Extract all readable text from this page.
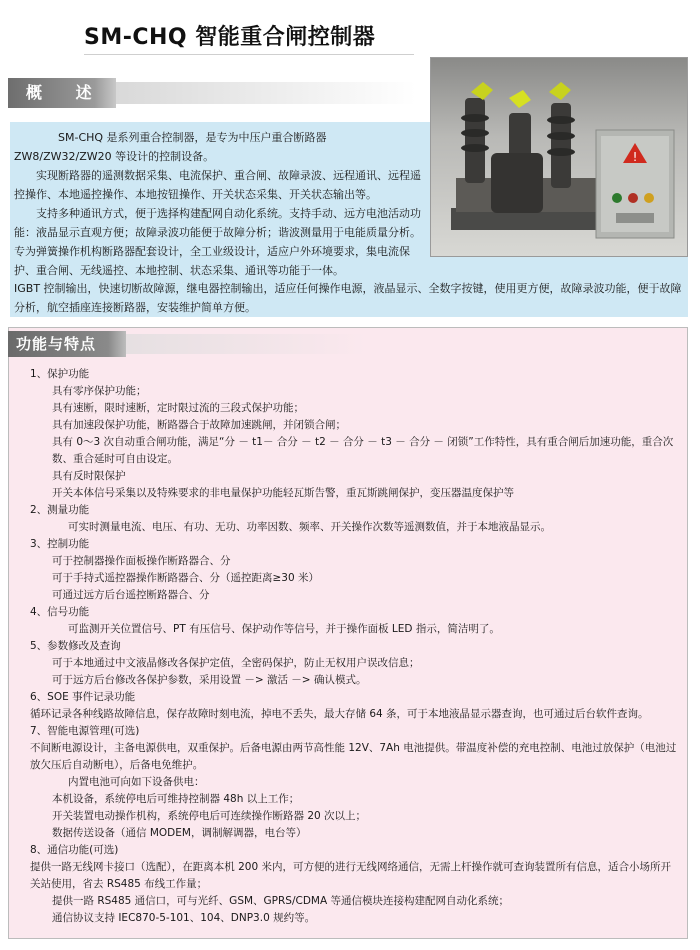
SM-CHQ 智能重合闸控制器
概 述
!

SM-CHQ 是系列重合控制器，是专为中压户重合断路器 ZW8/ZW32/ZW20 等设计的控制设备。

实现断路器的遥测数据采集、电流保护、重合闸、故障录波、远程通讯、远程遥控操作、本地遥控操作、本地按钮操作、开关状态采集、开关状态输出等。

支持多种通讯方式，便于选择构建配网自动化系统。支持手动、远方电池活动功能：液晶显示直观方便；故障录波功能便于故障分析；谐波测量用于电能质量分析。专为弹簧操作机构断路器配套设计，全工业级设计，适应户外环境要求，集电流保护、重合闸、无线遥控、本地控制、状态采集、通讯等功能于一体。

IGBT 控制输出，快速切断故障源，继电器控制输出，适应任何操作电源，液晶显示、全数字按键，使用更方便，故障录波功能，便于故障分析，航空插座连接断路器，安装维护简单方便。
功能与特点
1、保护功能
具有零序保护功能；
具有速断，限时速断，定时限过流的三段式保护功能；
具有加速段保护功能，断路器合于故障加速跳闸，并闭锁合闸；
具有 0～3 次自动重合闸功能，满足“分 － t1－ 合分 － t2 － 合分 － t3 － 合分 － 闭锁”工作特性，具有重合闸后加速功能，重合次数、重合延时可自由设定。
具有反时限保护
开关本体信号采集以及特殊要求的非电量保护功能轻瓦斯告警，重瓦斯跳闸保护，变压器温度保护等
2、测量功能
可实时测量电流、电压、有功、无功、功率因数、频率、开关操作次数等遥测数值，并于本地液晶显示。
3、控制功能
可于控制器操作面板操作断路器合、分
可于手持式遥控器操作断路器合、分（遥控距离≥30 米）
可通过远方后台遥控断路器合、分
4、信号功能
可监测开关位置信号、PT 有压信号、保护动作等信号，并于操作面板 LED 指示，简洁明了。
5、参数修改及查询
可于本地通过中文液晶修改各保护定值，全密码保护，防止无权用户误改信息；
可于远方后台修改各保护参数，采用设置 －> 激活 －> 确认模式。
6、SOE 事件记录功能
循环记录各种线路故障信息，保存故障时刻电流，掉电不丢失，最大存储 64 条，可于本地液晶显示器查询，也可通过后台软件查询。
7、智能电源管理(可选)
不间断电源设计，主备电源供电，双重保护。后备电源由两节高性能 12V、7Ah 电池提供。带温度补偿的充电控制、电池过放保护（电池过放欠压后自动断电），后备电免维护。
内置电池可向如下设备供电：
本机设备，系统停电后可维持控制器 48h 以上工作；
开关装置电动操作机构，系统停电后可连续操作断路器 20 次以上；
数据传送设备（通信 MODEM，调制解调器，电台等）
8、通信功能(可选)
提供一路无线网卡接口（选配），在距离本机 200 米内，可方便的进行无线网络通信，无需上杆操作就可查询装置所有信息，适合小场所开关站使用，省去 RS485 布线工作量；
提供一路 RS485 通信口，可与光纤、GSM、GPRS/CDMA 等通信模块连接构建配网自动化系统；
通信协议支持 IEC870-5-101、104、DNP3.0 规约等。
